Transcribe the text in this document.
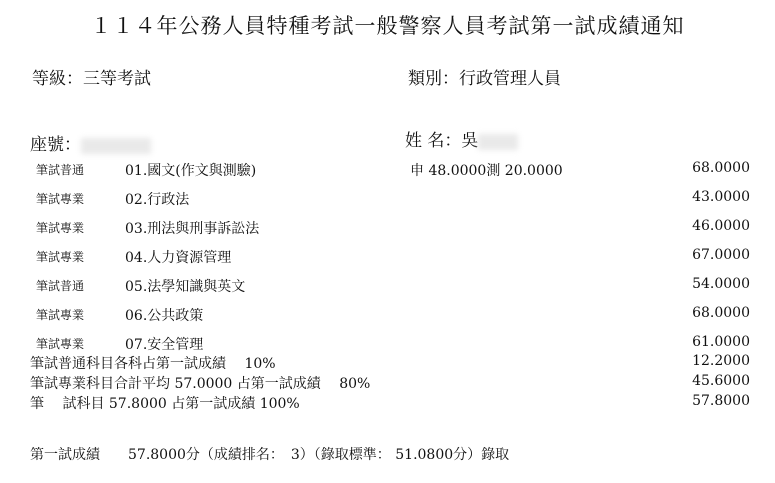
１１４年公務人員特種考試一般警察人員考試第一試成績通知
等級：三等考試	類別：行政管理人員
座號：	姓 名：吳
筆試普通	01.國文(作文與測驗)	申 48.0000測 20.0000	68.0000
筆試專業	02.行政法	43.0000
筆試專業	03.刑法與刑事訴訟法	46.0000
筆試專業	04.人力資源管理	67.0000
筆試普通	05.法學知識與英文	54.0000
筆試專業	06.公共政策	68.0000
筆試專業	07.安全管理	61.0000
筆試普通科目各科占第一試成績　 10%	12.2000
筆試專業科目合計平均 57.0000 占第一試成績　 80%	45.6000
筆　 試科目 57.8000 占第一試成績 100%	57.8000
第一試成績　　57.8000分（成績排名：　3）（錄取標準： 51.0800分）錄取
